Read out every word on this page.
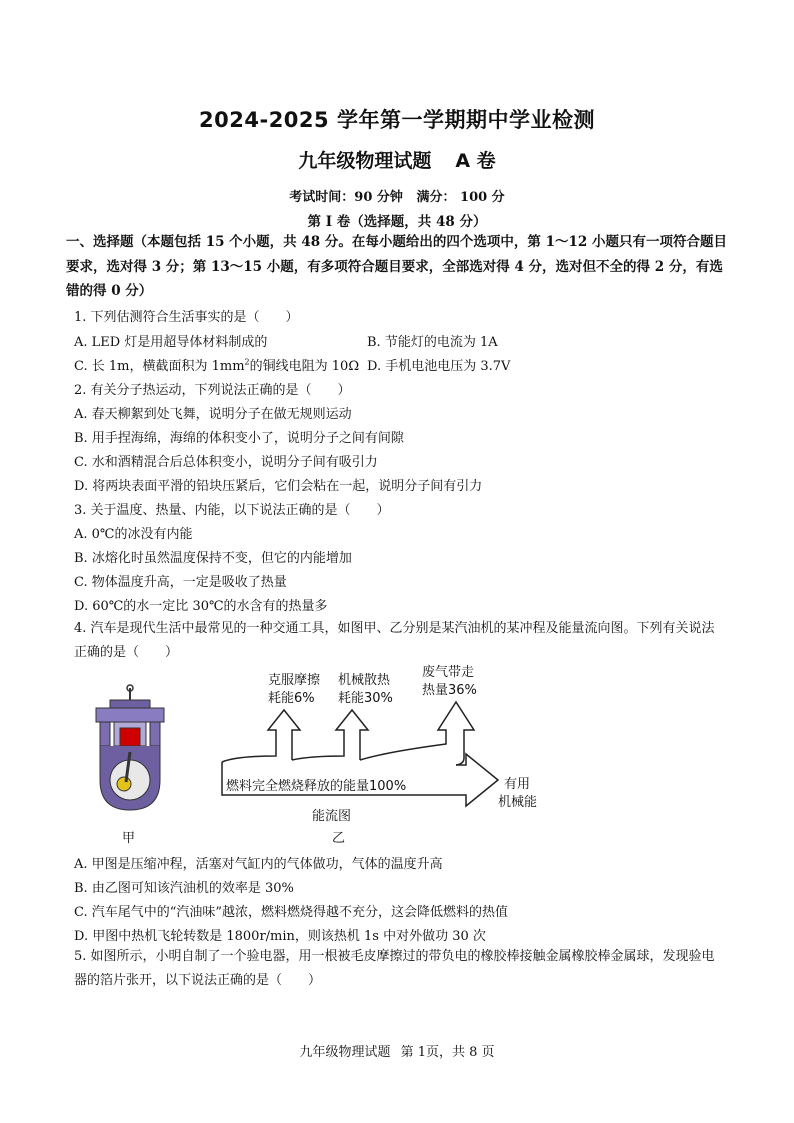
2024-2025 学年第一学期期中学业检测
九年级物理试题 A 卷
考试时间：90 分钟   满分： 100 分
第 I 卷（选择题，共 48 分）
一、选择题（本题包括 15 个小题，共 48 分。在每小题给出的四个选项中，第 1～12 小题只有一项符合题目要求，选对得 3 分；第 13～15 小题，有多项符合题目要求，全部选对得 4 分，选对但不全的得 2 分，有选错的得 0 分）
1. 下列估测符合生活事实的是（　　）
A. LED 灯是用超导体材料制成的	B. 节能灯的电流为 1A
C. 长 1m，横截面积为 $1mm^2$的铜线电阻为 10Ω D. 手机电池电压为 3.7V
2. 有关分子热运动，下列说法正确的是（　　）
A. 春天柳絮到处飞舞，说明分子在做无规则运动
B. 用手捏海绵，海绵的体积变小了，说明分子之间有间隙
C. 水和酒精混合后总体积变小，说明分子间有吸引力
D. 将两块表面平滑的铅块压紧后，它们会粘在一起，说明分子间有引力
3. 关于温度、热量、内能，以下说法正确的是（　　）
A. 0℃的冰没有内能
B. 冰熔化时虽然温度保持不变，但它的内能增加
C. 物体温度升高，一定是吸收了热量
D. 60℃的水一定比 30℃的水含有的热量多
4. 汽车是现代生活中最常见的一种交通工具，如图甲、乙分别是某汽油机的某冲程及能量流向图。下列有关说法正确的是（　　）
甲
克服摩擦
耗能6%
机械散热
耗能30%
废气带走
热量36%
燃料完全燃烧释放的能量100%	有用
机械能
能流图
乙
A. 甲图是压缩冲程，活塞对气缸内的气体做功，气体的温度升高
B. 由乙图可知该汽油机的效率是 30%
C. 汽车尾气中的“汽油味”越浓，燃料燃烧得越不充分，这会降低燃料的热值
D. 甲图中热机飞轮转数是 1800r/min，则该热机 1s 中对外做功 30 次
5. 如图所示，小明自制了一个验电器，用一根被毛皮摩擦过的带负电的橡胶棒接触金属橡胶棒金属球，发现验电器的箔片张开，以下说法正确的是（　　）
九年级物理试题 第 1页，共 8 页
